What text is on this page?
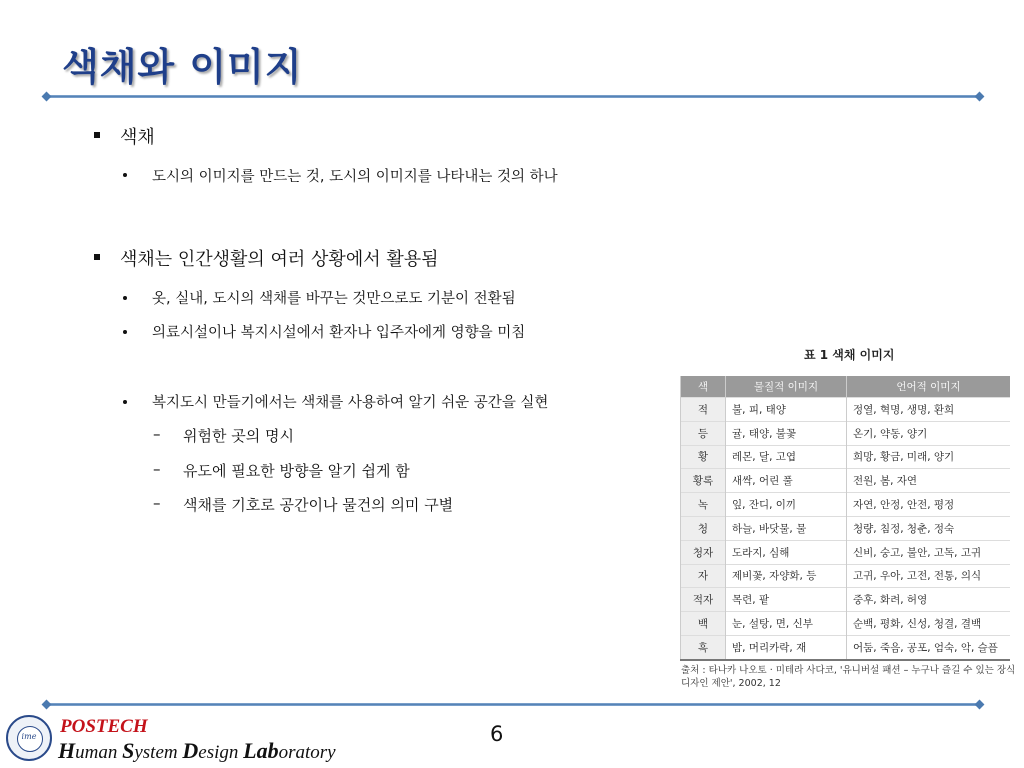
색채와 이미지
색채
도시의 이미지를 만드는 것, 도시의 이미지를 나타내는 것의 하나
색채는 인간생활의 여러 상황에서 활용됨
옷, 실내, 도시의 색채를 바꾸는 것만으로도 기분이 전환됨
의료시설이나 복지시설에서 환자나 입주자에게 영향을 미침
복지도시 만들기에서는 색채를 사용하여 알기 쉬운 공간을 실현
– 위험한 곳의 명시
– 유도에 필요한 방향을 알기 쉽게 함
– 색채를 기호로 공간이나 물건의 의미 구별
표 1 색채 이미지
색	물질적 이미지	언어적 이미지
적	불, 피, 태양	정열, 혁명, 생명, 환희
등	귤, 태양, 불꽃	온기, 약동, 양기
황	레몬, 달, 고엽	희망, 황금, 미래, 양기
황록	새싹, 어린 풀	전원, 봄, 자연
녹	잎, 잔디, 이끼	자연, 안정, 안전, 평정
청	하늘, 바닷물, 물	청량, 침정, 청춘, 정숙
청자	도라지, 심해	신비, 숭고, 불안, 고독, 고귀
자	제비꽃, 자양화, 등	고귀, 우아, 고전, 전통, 의식
적자	목련, 팥	중후, 화려, 허영
백	눈, 설탕, 면, 신부	순백, 평화, 신성, 청결, 결백
흑	밤, 머리카락, 재	어둠, 죽음, 공포, 엄숙, 악, 슬픔
출처 : 타나카 나오토 · 미테라 사다코, '유니버설 패션 – 누구나 즐길 수 있는 장식 디자인 제안', 2002, 12
ime	POSTECH
Human System Design Laboratory
6
